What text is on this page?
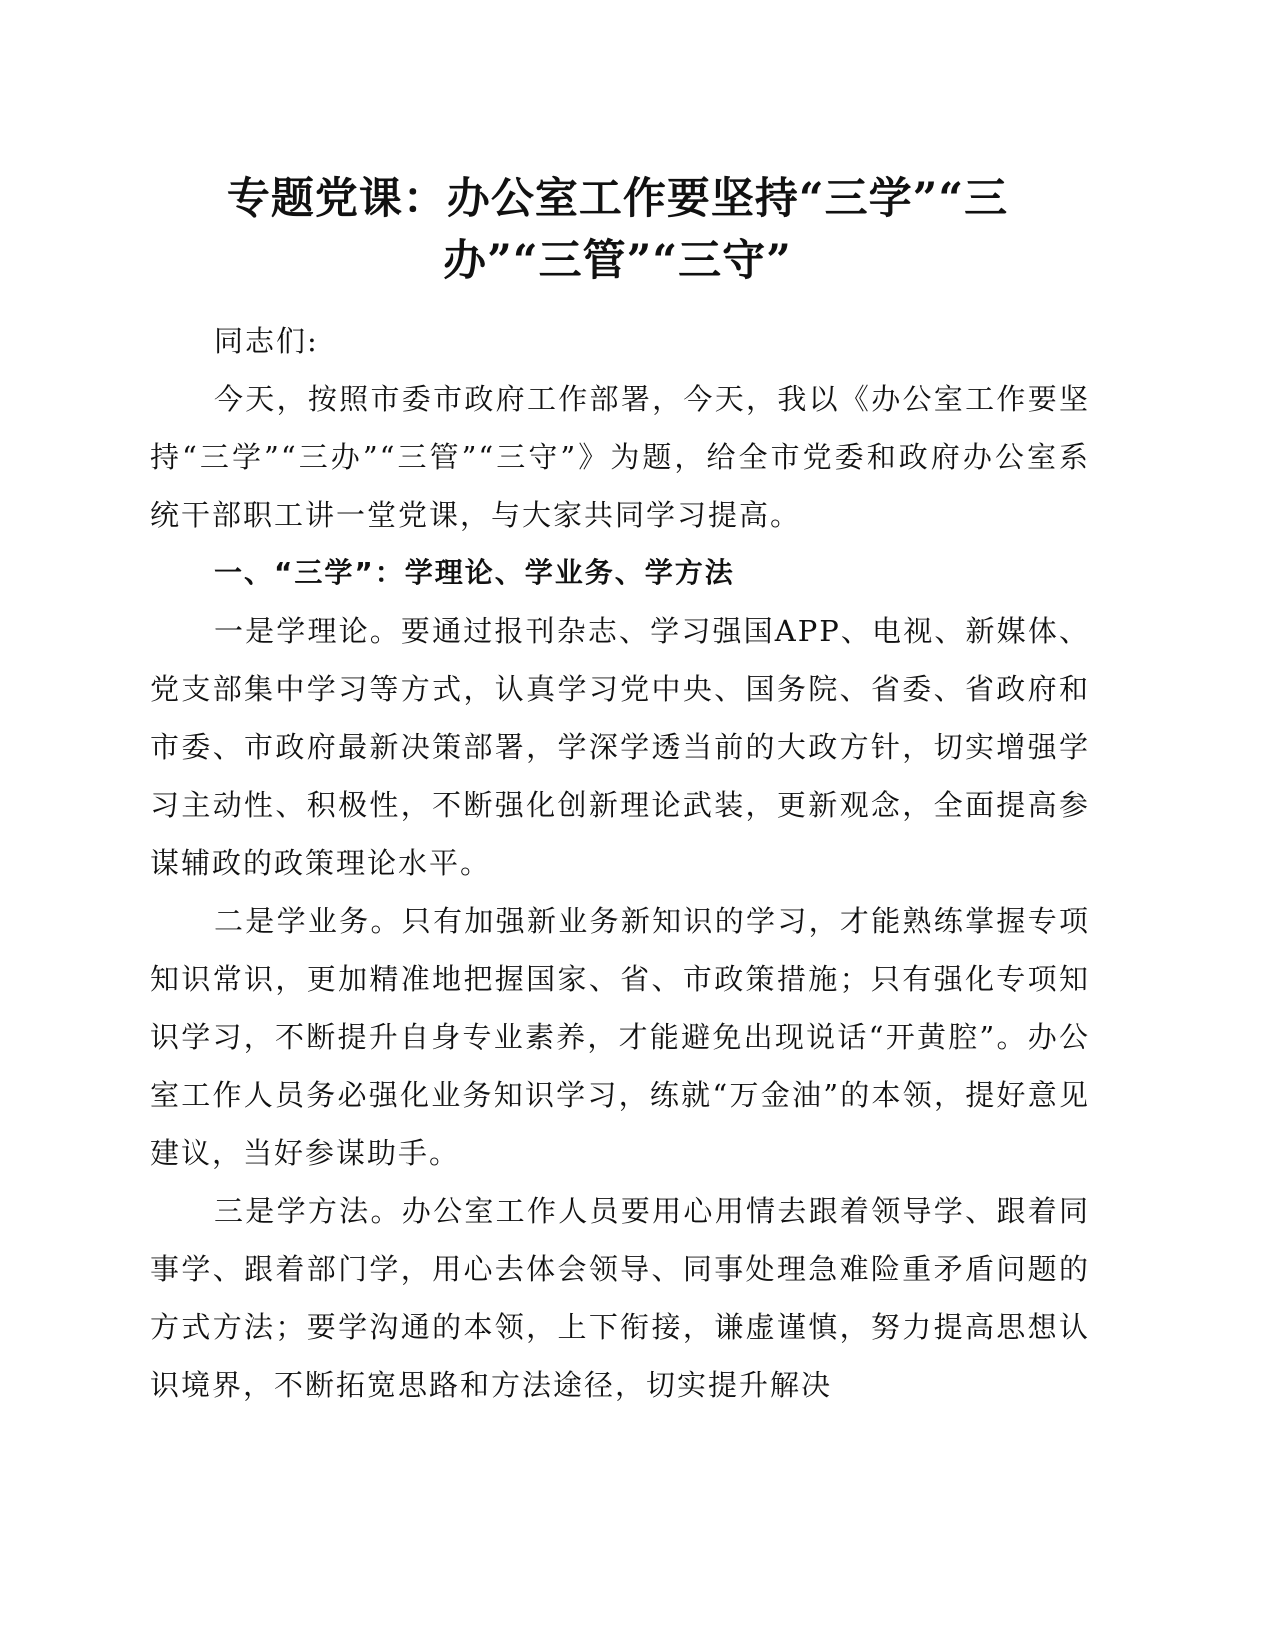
专题党课：办公室工作要坚持“三学”“三
办”“三管”“三守”

同志们:

今天，按照市委市政府工作部署，今天，我以《办公室工作要坚持“三学”“三办”“三管”“三守”》为题，给全市党委和政府办公室系统干部职工讲一堂党课，与大家共同学习提高。

一、“三学”：学理论、学业务、学方法

一是学理论。要通过报刊杂志、学习强国APP、电视、新媒体、党支部集中学习等方式，认真学习党中央、国务院、省委、省政府和市委、市政府最新决策部署，学深学透当前的大政方针，切实增强学习主动性、积极性，不断强化创新理论武装，更新观念，全面提高参谋辅政的政策理论水平。

二是学业务。只有加强新业务新知识的学习，才能熟练掌握专项知识常识，更加精准地把握国家、省、市政策措施；只有强化专项知识学习，不断提升自身专业素养，才能避免出现说话“开黄腔”。办公室工作人员务必强化业务知识学习，练就“万金油”的本领，提好意见建议，当好参谋助手。

三是学方法。办公室工作人员要用心用情去跟着领导学、跟着同事学、跟着部门学，用心去体会领导、同事处理急难险重矛盾问题的方式方法；要学沟通的本领，上下衔接，谦虚谨慎，努力提高思想认识境界，不断拓宽思路和方法途径，切实提升解决
